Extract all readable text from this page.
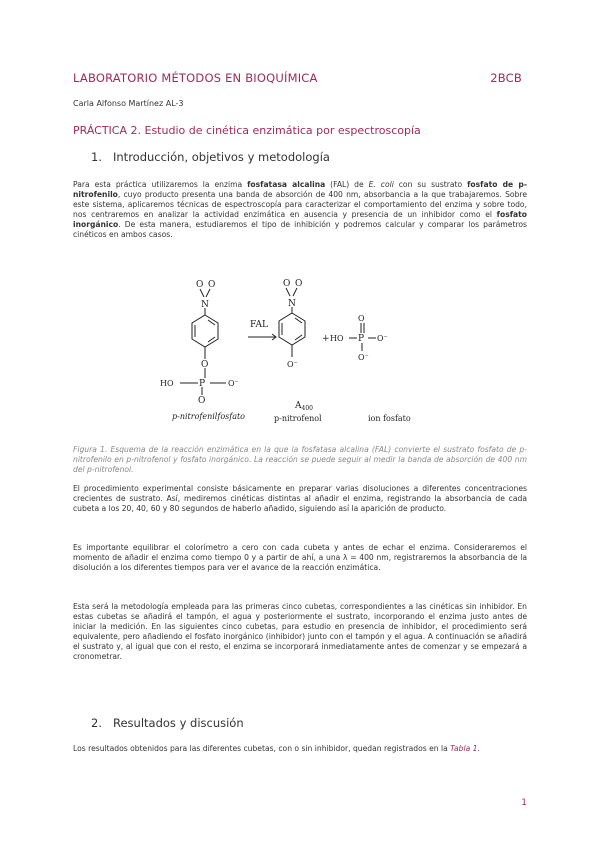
LABORATORIO MÉTODOS EN BIOQUÍMICA	2BCB
Carla Alfonso Martínez AL-3
PRÁCTICA 2. Estudio de cinética enzimática por espectroscopía
1. Introducción, objetivos y metodología

Para esta práctica utilizaremos la enzima fosfatasa alcalina (FAL) de E. coli con su sustrato fosfato de p-nitrofenilo, cuyo producto presenta una banda de absorción de 400 nm, absorbancia a la que trabajaremos. Sobre este sistema, aplicaremos técnicas de espectroscopía para caracterizar el comportamiento del enzima y sobre todo, nos centraremos en analizar la actividad enzimática en ausencia y presencia de un inhibidor como el fosfato inorgánico. De esta manera, estudiaremos el tipo de inhibición y podremos calcular y comparar los parámetros cinéticos en ambos casos.

O O
N
O
HO	P	O⁻
O
FAL
O O
N
O⁻
+
O
HO P O⁻
O⁻
$A_{400}$
p-nitrofenilfosfato	p-nitrofenol	ion fosfato

Figura 1. Esquema de la reacción enzimática en la que la fosfatasa alcalina (FAL) convierte el sustrato fosfato de p-nitrofenilo en p-nitrofenol y fosfato inorgánico. La reacción se puede seguir al medir la banda de absorción de 400 nm del p-nitrofenol.

El procedimiento experimental consiste básicamente en preparar varias disoluciones a diferentes concentraciones crecientes de sustrato. Así, mediremos cinéticas distintas al añadir el enzima, registrando la absorbancia de cada cubeta a los 20, 40, 60 y 80 segundos de haberlo añadido, siguiendo así la aparición de producto.

Es importante equilibrar el colorímetro a cero con cada cubeta y antes de echar el enzima. Consideraremos el momento de añadir el enzima como tiempo 0 y a partir de ahí, a una λ = 400 nm, registraremos la absorbancia de la disolución a los diferentes tiempos para ver el avance de la reacción enzimática.

Esta será la metodología empleada para las primeras cinco cubetas, correspondientes a las cinéticas sin inhibidor. En estas cubetas se añadirá el tampón, el agua y posteriormente el sustrato, incorporando el enzima justo antes de iniciar la medición. En las siguientes cinco cubetas, para estudio en presencia de inhibidor, el procedimiento será equivalente, pero añadiendo el fosfato inorgánico (inhibidor) junto con el tampón y el agua. A continuación se añadirá el sustrato y, al igual que con el resto, el enzima se incorporará inmediatamente antes de comenzar y se empezará a cronometrar.

2. Resultados y discusión

Los resultados obtenidos para las diferentes cubetas, con o sin inhibidor, quedan registrados en la Tabla 1.

1
